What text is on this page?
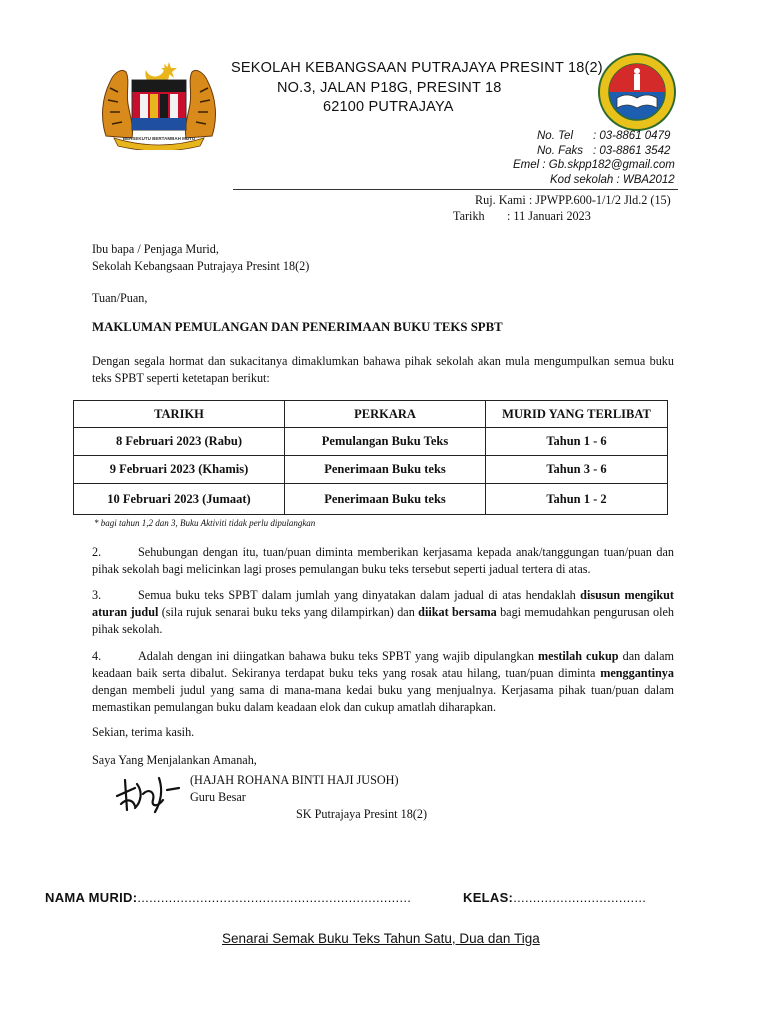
BERSEKUTU BERTAMBAH MUTU
SEKOLAH KEBANGSAAN PUTRAJAYA PRESINT 18(2)
NO.3, JALAN P18G, PRESINT 18
62100 PUTRAJAYA
No. Tel	: 03-8861 0479
No. Faks : 03-8861 3542
Emel : Gb.skpp182@gmail.com
Kod sekolah : WBA2012
Ruj. Kami : JPWPP.600-1/1/2 Jld.2 (15)
Tarikh : 11 Januari 2023
Ibu bapa / Penjaga Murid,
Sekolah Kebangsaan Putrajaya Presint 18(2)
Tuan/Puan,
MAKLUMAN PEMULANGAN DAN PENERIMAAN BUKU TEKS SPBT
Dengan segala hormat dan sukacitanya dimaklumkan bahawa pihak sekolah akan mula mengumpulkan semua buku teks SPBT seperti ketetapan berikut:
TARIKH	PERKARA	MURID YANG TERLIBAT
8 Februari 2023 (Rabu)	Pemulangan Buku Teks	Tahun 1 - 6
9 Februari 2023 (Khamis)	Penerimaan Buku teks	Tahun 3 - 6
10 Februari 2023 (Jumaat)	Penerimaan Buku teks	Tahun 1 - 2
* bagi tahun 1,2 dan 3, Buku Aktiviti tidak perlu dipulangkan
2.	Sehubungan dengan itu, tuan/puan diminta memberikan kerjasama kepada anak/tanggungan tuan/puan dan pihak sekolah bagi melicinkan lagi proses pemulangan buku teks tersebut seperti jadual tertera di atas.
3.	Semua buku teks SPBT dalam jumlah yang dinyatakan dalam jadual di atas hendaklah disusun mengikut aturan judul (sila rujuk senarai buku teks yang dilampirkan) dan diikat bersama bagi memudahkan pengurusan oleh pihak sekolah.
4.	Adalah dengan ini diingatkan bahawa buku teks SPBT yang wajib dipulangkan mestilah cukup dan dalam keadaan baik serta dibalut. Sekiranya terdapat buku teks yang rosak atau hilang, tuan/puan diminta menggantinya dengan membeli judul yang sama di mana-mana kedai buku yang menjualnya. Kerjasama pihak tuan/puan dalam memastikan pemulangan buku dalam keadaan elok dan cukup amatlah diharapkan.
Sekian, terima kasih.
Saya Yang Menjalankan Amanah,
(HAJAH ROHANA BINTI HAJI JUSOH)
Guru Besar
SK Putrajaya Presint 18(2)
NAMA MURID:......................................................................	KELAS:..................................
Senarai Semak Buku Teks Tahun Satu, Dua dan Tiga
